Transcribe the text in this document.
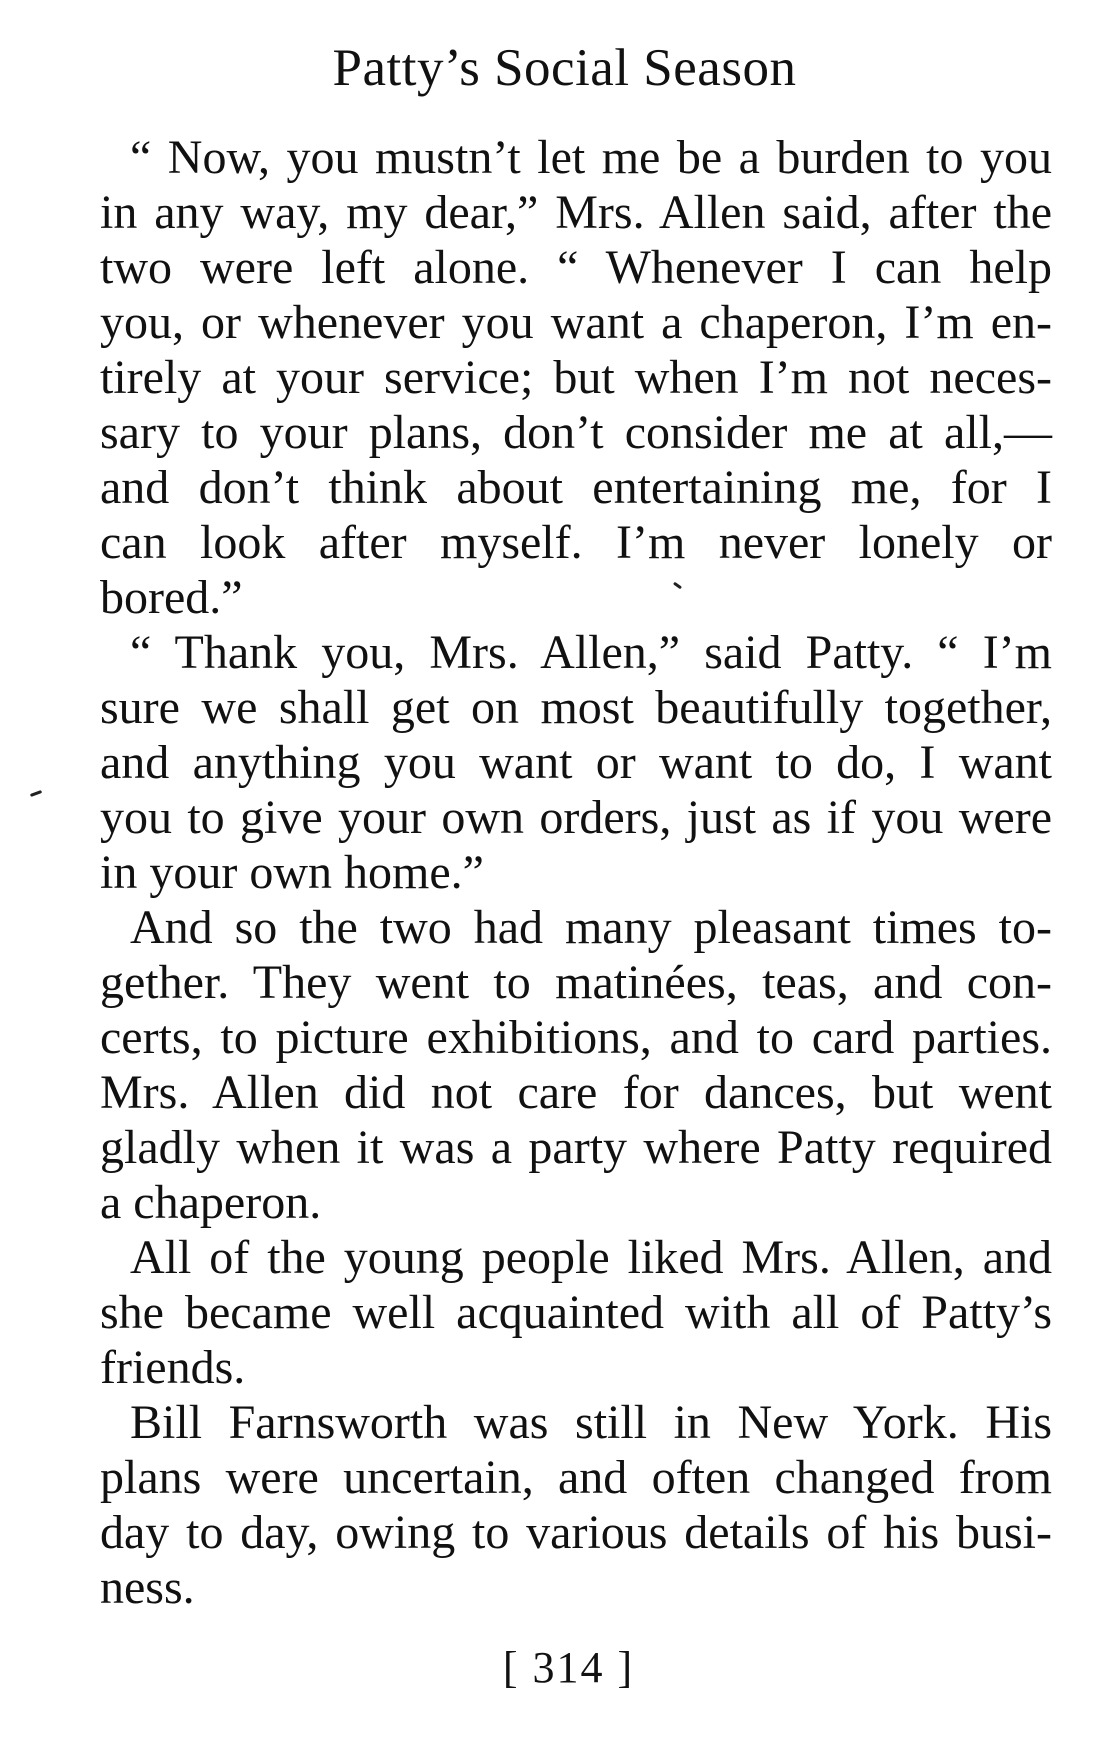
Patty’s Social Season
“ Now, you mustn’t let me be a burden to you
in any way, my dear,” Mrs. Allen said, after the
two were left alone. “ Whenever I can help
you, or whenever you want a chaperon, I’m en-
tirely at your service; but when I’m not neces-
sary to your plans, don’t consider me at all,—
and don’t think about entertaining me, for I
can look after myself. I’m never lonely or
bored.”
“ Thank you, Mrs. Allen,” said Patty. “ I’m
sure we shall get on most beautifully together,
and anything you want or want to do, I want
you to give your own orders, just as if you were
in your own home.”
And so the two had many pleasant times to-
gether. They went to matinées, teas, and con-
certs, to picture exhibitions, and to card parties.
Mrs. Allen did not care for dances, but went
gladly when it was a party where Patty required
a chaperon.
All of the young people liked Mrs. Allen, and
she became well acquainted with all of Patty’s
friends.
Bill Farnsworth was still in New York. His
plans were uncertain, and often changed from
day to day, owing to various details of his busi-
ness.
[ 314 ]
